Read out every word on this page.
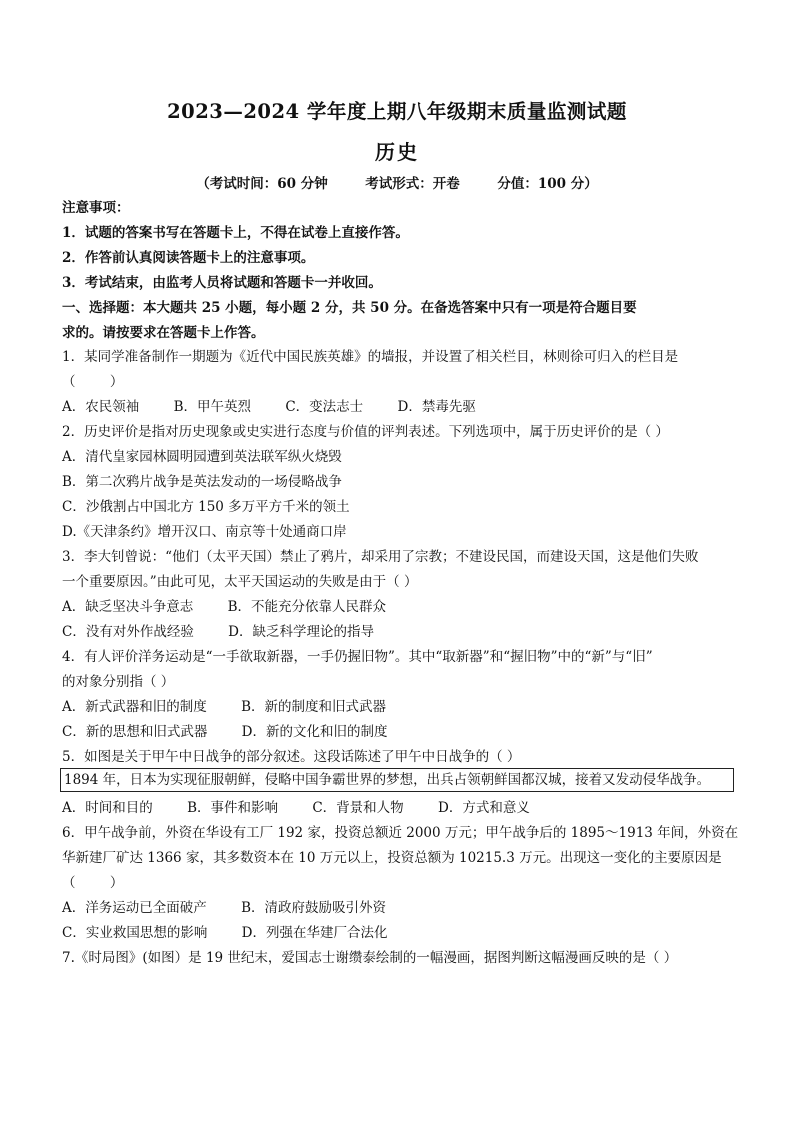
2023—2024 学年度上期八年级期末质量监测试题
历史
（考试时间：60 分钟        考试形式：开卷        分值：100 分）
注意事项：
1．试题的答案书写在答题卡上，不得在试卷上直接作答。
2．作答前认真阅读答题卡上的注意事项。
3．考试结束，由监考人员将试题和答题卡一并收回。
一、选择题：本大题共 25 小题，每小题 2 分，共 50 分。在备选答案中只有一项是符合题目要
求的。请按要求在答题卡上作答。
1．某同学准备制作一期题为《近代中国民族英雄》的墙报，并设置了相关栏目，林则徐可归入的栏目是
（        ）
A．农民领袖        B．甲午英烈        C．变法志士        D．禁毒先驱
2．历史评价是指对历史现象或史实进行态度与价值的评判表述。下列选项中，属于历史评价的是（ ）
A．清代皇家园林圆明园遭到英法联军纵火烧毁
B．第二次鸦片战争是英法发动的一场侵略战争
C．沙俄割占中国北方 150 多万平方千米的领土
D.《天津条约》增开汉口、南京等十处通商口岸
3．李大钊曾说：“他们（太平天国）禁止了鸦片，却采用了宗教；不建设民国，而建设天国，这是他们失败
一个重要原因。”由此可见，太平天国运动的失败是由于（ ）
A．缺乏坚决斗争意志        B．不能充分依靠人民群众
C．没有对外作战经验        D．缺乏科学理论的指导
4．有人评价洋务运动是“一手欲取新器，一手仍握旧物”。其中“取新器”和“握旧物”中的“新”与“旧”
的对象分别指（ ）
A．新式武器和旧的制度        B．新的制度和旧式武器
C．新的思想和旧式武器        D．新的文化和旧的制度
5．如图是关于甲午中日战争的部分叙述。这段话陈述了甲午中日战争的（ ）
1894 年，日本为实现征服朝鲜，侵略中国争霸世界的梦想，出兵占领朝鲜国都汉城，接着又发动侵华战争。
A．时间和目的        B．事件和影响        C．背景和人物        D．方式和意义
6．甲午战争前，外资在华设有工厂 192 家，投资总额近 2000 万元；甲午战争后的 1895～1913 年间，外资在
华新建厂矿达 1366 家，其多数资本在 10 万元以上，投资总额为 10215.3 万元。出现这一变化的主要原因是
（        ）
A．洋务运动已全面破产        B．清政府鼓励吸引外资
C．实业救国思想的影响        D．列强在华建厂合法化
7.《时局图》(如图）是 19 世纪末，爱国志士谢缵泰绘制的一幅漫画，据图判断这幅漫画反映的是（ ）
